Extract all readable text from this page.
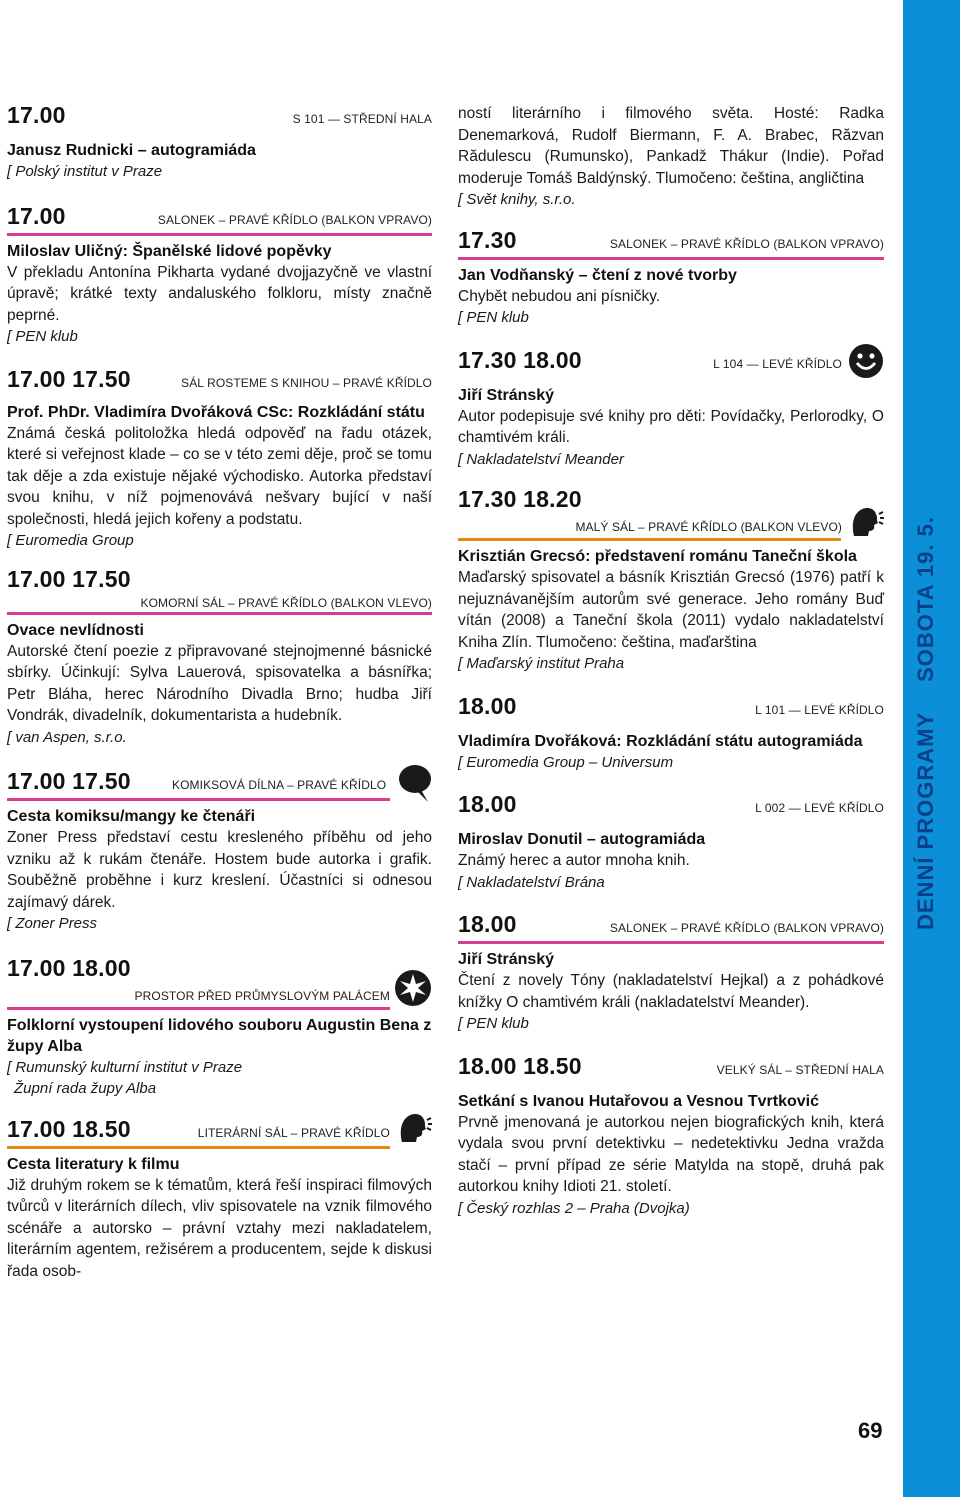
17.00	S 101 — STŘEDNÍ HALA
Janusz Rudnicki – autogramiáda
[ Polský institut v Praze
17.00	SALONEK – PRAVÉ KŘÍDLO (BALKON VPRAVO)
Miloslav Uličný: Španělské lidové popěvky
V překladu Antonína Pikharta vydané dvojjazyčně ve vlastní úpravě; krátké texty andaluského folkloru, místy značně peprné.
[ PEN klub
17.00 17.50	SÁL ROSTEME S KNIHOU – PRAVÉ KŘÍDLO
Prof. PhDr. Vladimíra Dvořáková CSc: Rozkládání státu
Známá česká politoložka hledá odpověď na řadu otázek, které si veřejnost klade – co se v této zemi děje, proč se tomu tak děje a zda existuje nějaké východisko. Autorka představí svou knihu, v níž pojmenovává nešvary bující v naší společnosti, hledá jejich kořeny a podstatu.
[ Euromedia Group
17.00 17.50
KOMORNÍ SÁL – PRAVÉ KŘÍDLO (BALKON VLEVO)
Ovace nevlídnosti
Autorské čtení poezie z připravované stejnojmenné básnické sbírky. Účinkují: Sylva Lauerová, spisovatelka a básnířka; Petr Bláha, herec Národního Divadla Brno; hudba Jiří Vondrák, divadelník, dokumentarista a hudebník.
[ van Aspen, s.r.o.
17.00 17.50	KOMIKSOVÁ DÍLNA – PRAVÉ KŘÍDLO
Cesta komiksu/mangy ke čtenáři
Zoner Press představí cestu kresleného příběhu od jeho vzniku až k rukám čtenáře. Hostem bude autorka i grafik. Souběžně proběhne i kurz kreslení. Účastníci si odnesou zajímavý dárek.
[ Zoner Press
17.00 18.00
PROSTOR PŘED PRŮMYSLOVÝM PALÁCEM
Folklorní vystoupení lidového souboru Augustin Bena z župy Alba
[ Rumunský kulturní institut v Praze
Župní rada župy Alba
17.00 18.50	LITERÁRNÍ SÁL – PRAVÉ KŘÍDLO
Cesta literatury k filmu
Již druhým rokem se k tématům, která řeší inspiraci filmových tvůrců v literárních dílech, vliv spisovatele na vznik filmového scénáře a autorsko – právní vztahy mezi nakladatelem, literárním agentem, režisérem a producentem, sejde k diskusi řada osob-
ností literárního i filmového světa. Hosté: Radka Denemarková, Rudolf Biermann, F. A. Brabec, Răzvan Rădulescu (Rumunsko), Pankadž Thákur (Indie). Pořad moderuje Tomáš Baldýnský. Tlumočeno: čeština, angličtina
[ Svět knihy, s.r.o.
17.30	SALONEK – PRAVÉ KŘÍDLO (BALKON VPRAVO)
Jan Vodňanský – čtení z nové tvorby
Chybět nebudou ani písničky.
[ PEN klub
17.30 18.00	L 104 — LEVÉ KŘÍDLO
Jiří Stránský
Autor podepisuje své knihy pro děti: Povídačky, Perlorodky, O chamtivém králi.
[ Nakladatelství Meander
17.30 18.20
MALÝ SÁL – PRAVÉ KŘÍDLO (BALKON VLEVO)
Krisztián Grecsó: představení románu Taneční škola
Maďarský spisovatel a básník Krisztián Grecsó (1976) patří k nejuznávanějším autorům své generace. Jeho romány Buď vítán (2008) a Taneční škola (2011) vydalo nakladatelství Kniha Zlín. Tlumočeno: čeština, maďarština
[ Maďarský institut Praha
18.00	L 101 — LEVÉ KŘÍDLO
Vladimíra Dvořáková: Rozkládání státu autogramiáda
[ Euromedia Group – Universum
18.00	L 002 — LEVÉ KŘÍDLO
Miroslav Donutil – autogramiáda
Známý herec a autor mnoha knih.
[ Nakladatelství Brána
18.00	SALONEK – PRAVÉ KŘÍDLO (BALKON VPRAVO)
Jiří Stránský
Čtení z novely Tóny (nakladatelství Hejkal) a z pohádkové knížky O chamtivém králi (nakladatelství Meander).
[ PEN klub
18.00 18.50	VELKÝ SÁL – STŘEDNÍ HALA
Setkání s Ivanou Hutařovou a Vesnou Tvrtković
Prvně jmenovaná je autorkou nejen biografických knih, která vydala svou první detektivku – nedetektivku Jedna vražda stačí – první případ ze série Matylda na stopě, druhá pak autorkou knihy Idioti 21. století.
[ Český rozhlas 2 – Praha (Dvojka)
DENNÍ PROGRAMYSOBOTA 19. 5.
69
